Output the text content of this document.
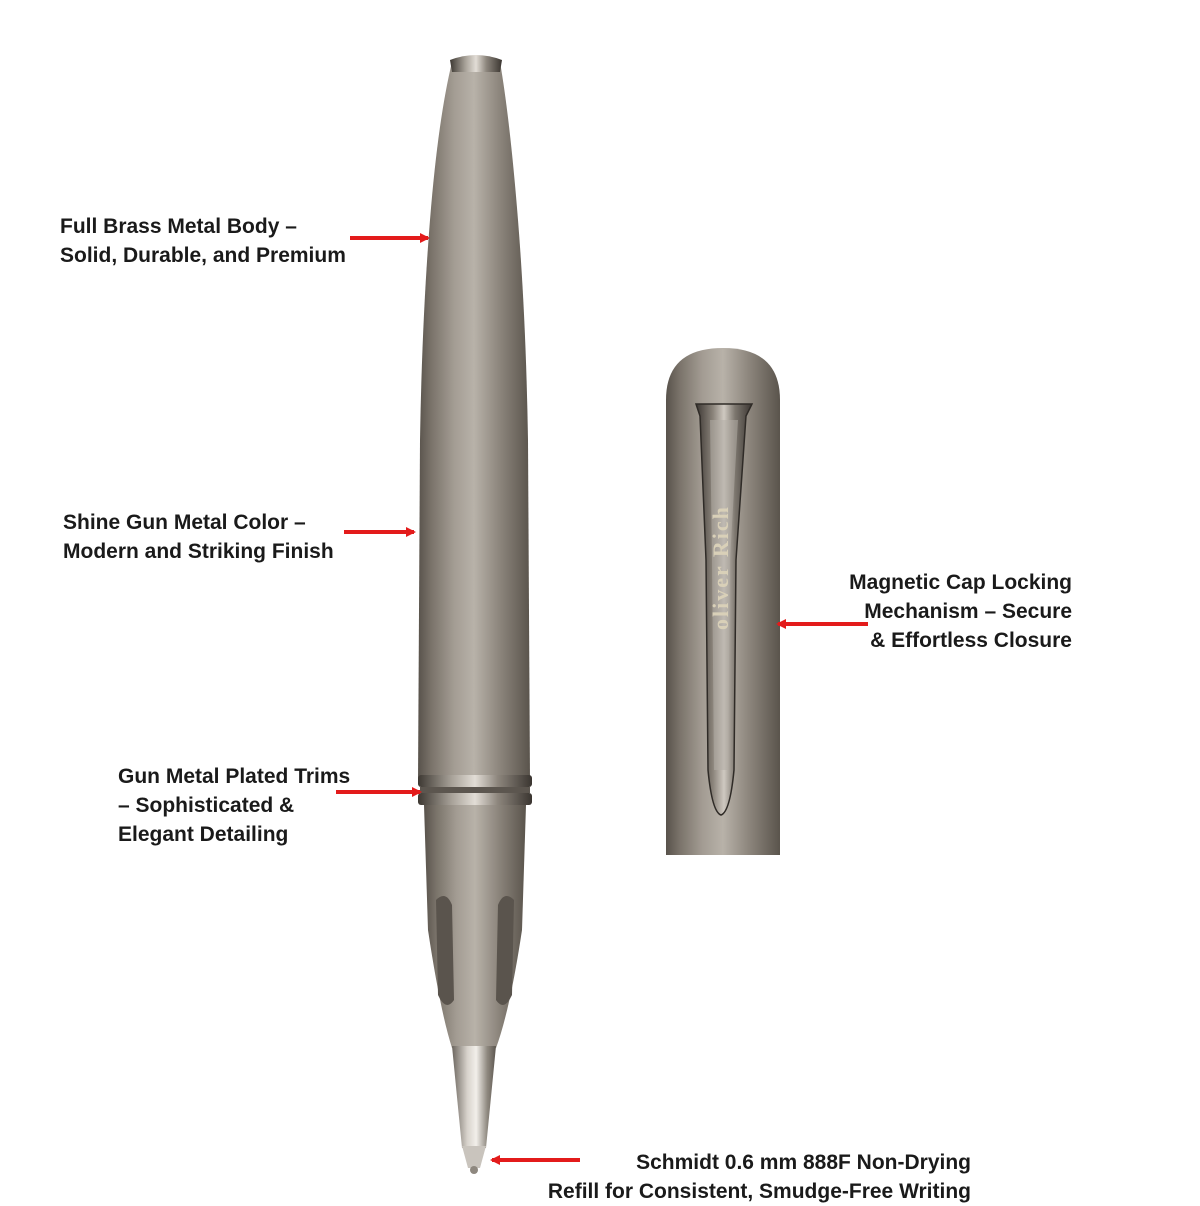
oliver Rich
Full Brass Metal Body –
Solid, Durable, and Premium
Shine Gun Metal Color –
Modern and Striking Finish
Gun Metal Plated Trims
– Sophisticated &
Elegant Detailing
Magnetic Cap Locking
Mechanism – Secure
& Effortless Closure
Schmidt 0.6 mm 888F Non-Drying
Refill for Consistent, Smudge-Free Writing
